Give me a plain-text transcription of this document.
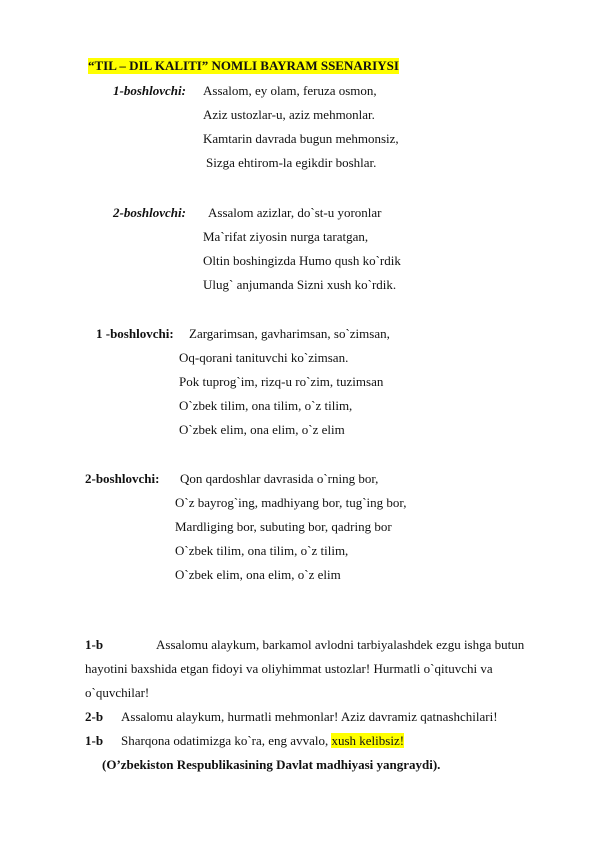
“TIL – DIL KALITI” NOMLI BAYRAM SSENARIYSI
1-boshlovchi: Assalom, ey olam, feruza osmon,
Aziz ustozlar-u, aziz mehmonlar.
Kamtarin davrada bugun mehmonsiz,
Sizga ehtirom-la egikdir boshlar.
2-boshlovchi: Assalom azizlar, do`st-u yoronlar
Ma`rifat ziyosin nurga taratgan,
Oltin boshingizda Humo qush ko`rdik
Ulug` anjumanda Sizni xush ko`rdik.
1 -boshlovchi: Zargarimsan, gavharimsan, so`zimsan,
Oq-qorani tanituvchi ko`zimsan.
Pok tuprog`im, rizq-u ro`zim, tuzimsan
O`zbek tilim, ona tilim, o`z tilim,
O`zbek elim, ona elim, o`z elim
2-boshlovchi: Qon qardoshlar davrasida o`rning bor,
O`z bayrog`ing, madhiyang bor, tug`ing bor,
Mardliging bor, subuting bor, qadring bor
O`zbek tilim, ona tilim, o`z tilim,
O`zbek elim, ona elim, o`z elim
1-b	Assalomu alaykum, barkamol avlodni tarbiyalashdek ezgu ishga butun
hayotini baxshida etgan fidoyi va oliyhimmat ustozlar! Hurmatli o`qituvchi va
o`quvchilar!
2-b Assalomu alaykum, hurmatli mehmonlar! Aziz davramiz qatnashchilari!
1-b Sharqona odatimizga ko`ra, eng avvalo, xush kelibsiz!
(O’zbekiston Respublikasining Davlat madhiyasi yangraydi).
